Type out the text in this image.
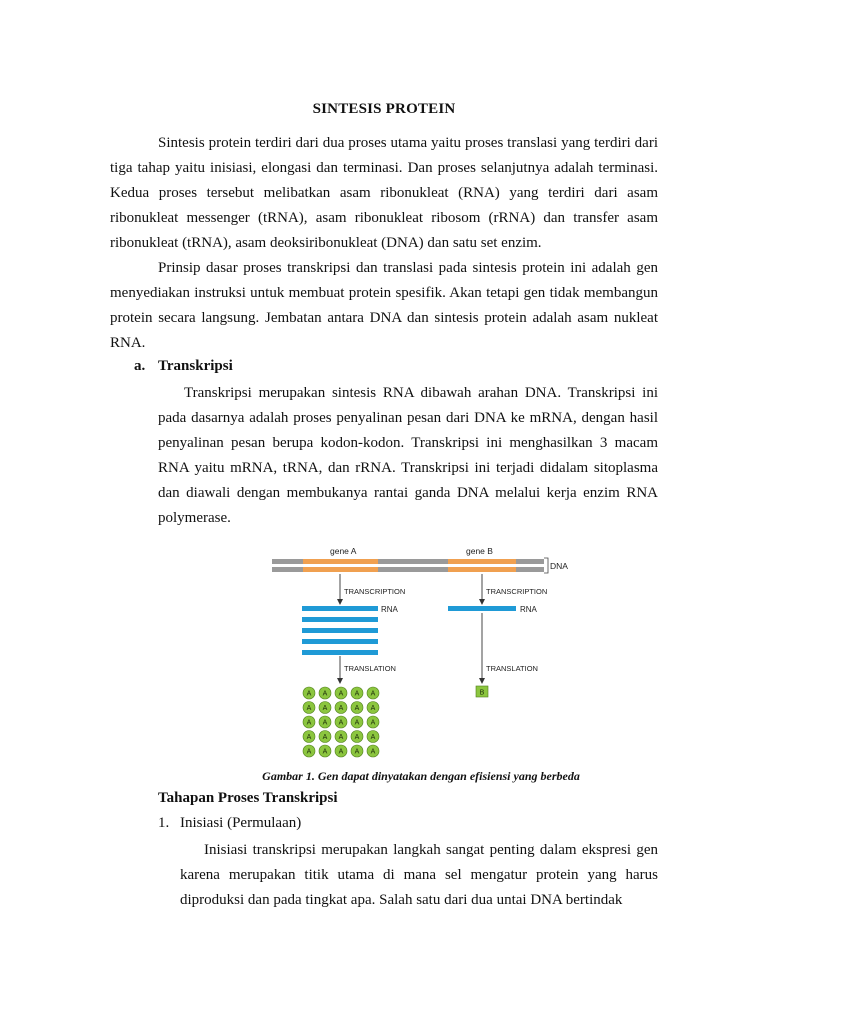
SINTESIS PROTEIN

Sintesis protein terdiri dari dua proses utama yaitu proses translasi yang terdiri dari tiga tahap yaitu inisiasi, elongasi dan terminasi. Dan proses selanjutnya adalah terminasi. Kedua proses tersebut melibatkan asam ribonukleat (RNA) yang terdiri dari asam ribonukleat messenger (tRNA), asam ribonukleat ribosom (rRNA) dan transfer asam ribonukleat (tRNA), asam deoksiribonukleat (DNA) dan satu set enzim.

Prinsip dasar proses transkripsi dan translasi pada sintesis protein ini adalah gen menyediakan instruksi untuk membuat protein spesifik. Akan tetapi gen tidak membangun protein secara langsung. Jembatan antara DNA dan sintesis protein adalah asam nukleat RNA.

a. Transkripsi

Transkripsi merupakan sintesis RNA dibawah arahan DNA. Transkripsi ini pada dasarnya adalah proses penyalinan pesan dari DNA ke mRNA, dengan hasil penyalinan pesan berupa kodon-kodon. Transkripsi ini menghasilkan 3 macam RNA yaitu mRNA, tRNA, dan rRNA. Transkripsi ini terjadi didalam sitoplasma dan diawali dengan membukanya rantai ganda DNA melalui kerja enzim RNA polymerase.

gene A	gene B
DNA
TRANSCRIPTION	TRANSCRIPTION
RNA	RNA
TRANSLATION	TRANSLATION
A A A A A
A A A A A
A A A A A
A A A A A
A A A A A
B
Gambar 1. Gen dapat dinyatakan dengan efisiensi yang berbeda
Tahapan Proses Transkripsi
1. Inisiasi (Permulaan)

Inisiasi transkripsi merupakan langkah sangat penting dalam ekspresi gen karena merupakan titik utama di mana sel mengatur protein yang harus diproduksi dan pada tingkat apa. Salah satu dari dua untai DNA bertindak
